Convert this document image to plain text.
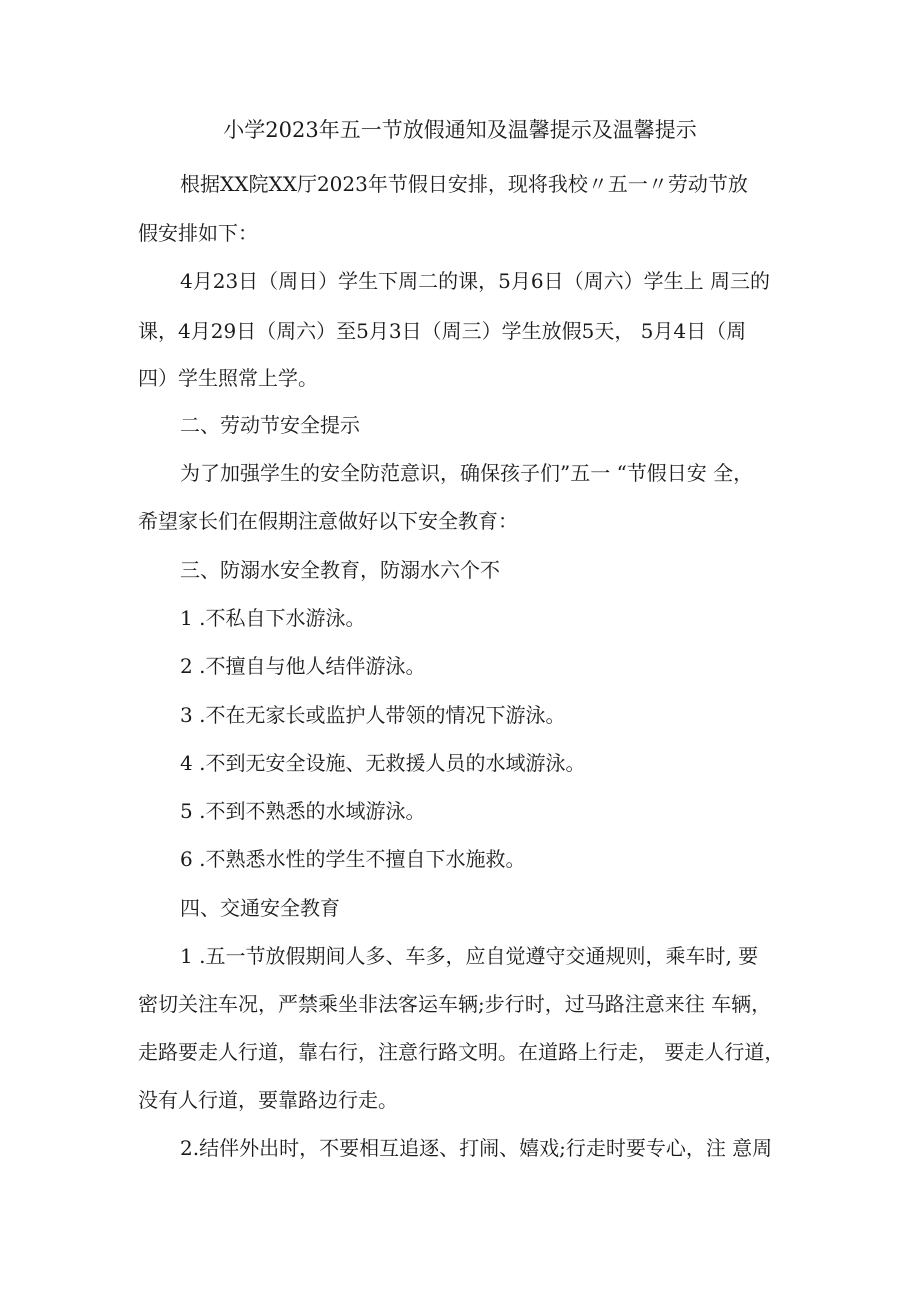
小学2023年五一节放假通知及温馨提示及温馨提示
根据XX院XX厅2023年节假日安排，现将我校〃五一〃劳动节放
假安排如下：
4月23日（周日）学生下周二的课，5月6日（周六）学生上 周三的
课，4月29日（周六）至5月3日（周三）学生放假5天， 5月4日（周
四）学生照常上学。
二、劳动节安全提示
为了加强学生的安全防范意识，确保孩子们”五一 “节假日安 全，
希望家长们在假期注意做好以下安全教育：
三、防溺水安全教育，防溺水六个不
1 .不私自下水游泳。
2 .不擅自与他人结伴游泳。
3 .不在无家长或监护人带领的情况下游泳。
4 .不到无安全设施、无救援人员的水域游泳。
5 .不到不熟悉的水域游泳。
6 .不熟悉水性的学生不擅自下水施救。
四、交通安全教育
1 .五一节放假期间人多、车多，应自觉遵守交通规则，乘车时, 要
密切关注车况，严禁乘坐非法客运车辆;步行时，过马路注意来往 车辆，
走路要走人行道，靠右行，注意行路文明。在道路上行走， 要走人行道，
没有人行道，要靠路边行走。
2.结伴外出时，不要相互追逐、打闹、嬉戏;行走时要专心，注 意周
